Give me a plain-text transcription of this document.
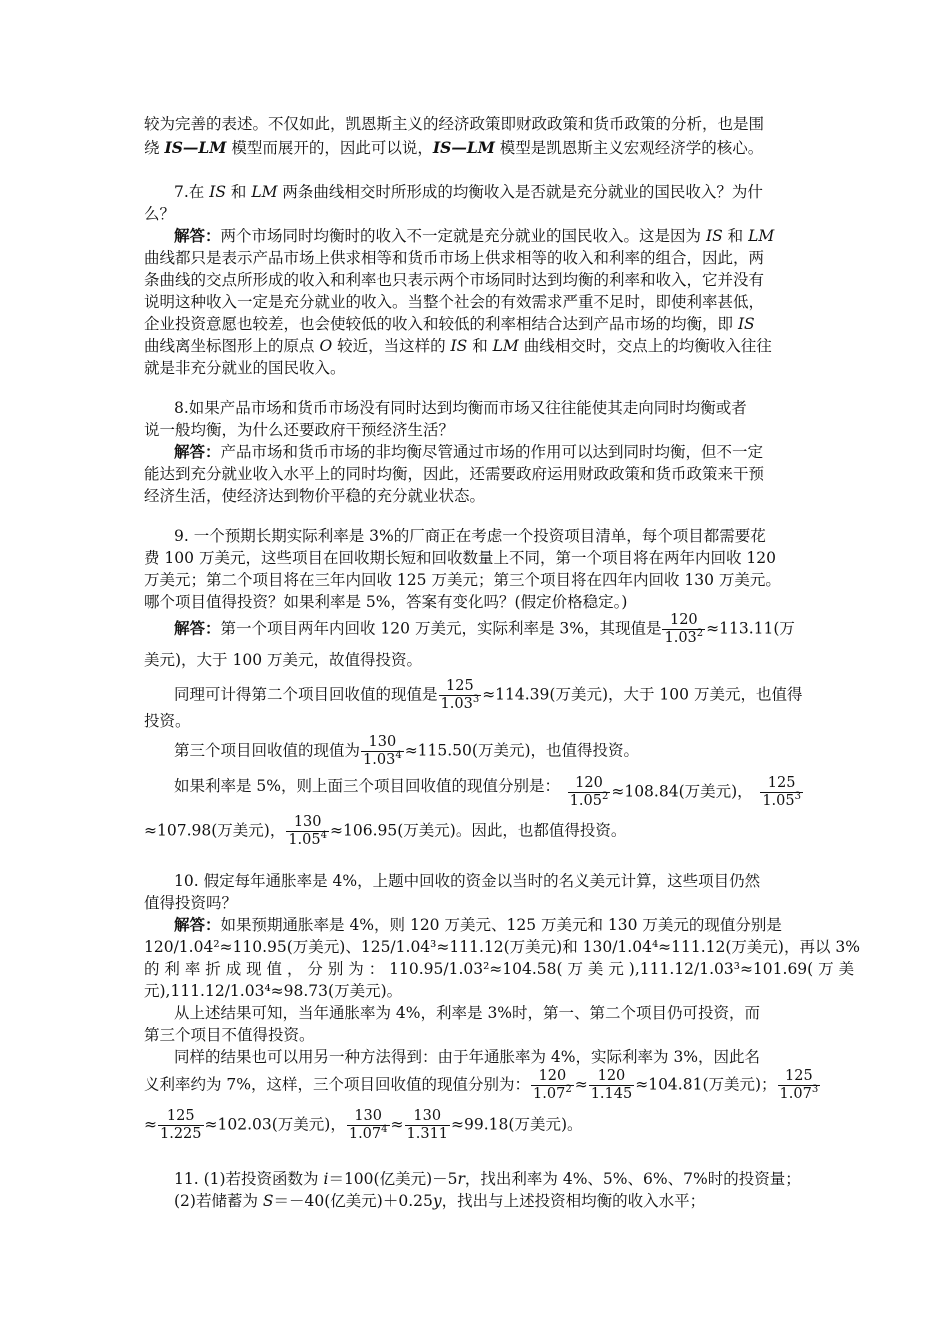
较为完善的表述。不仅如此，凯恩斯主义的经济政策即财政政策和货币政策的分析，也是围
绕 IS—LM 模型而展开的，因此可以说，IS—LM 模型是凯恩斯主义宏观经济学的核心。
7.在 IS 和 LM 两条曲线相交时所形成的均衡收入是否就是充分就业的国民收入？为什
么？
解答：两个市场同时均衡时的收入不一定就是充分就业的国民收入。这是因为 IS 和 LM
曲线都只是表示产品市场上供求相等和货币市场上供求相等的收入和利率的组合，因此，两
条曲线的交点所形成的收入和利率也只表示两个市场同时达到均衡的利率和收入，它并没有
说明这种收入一定是充分就业的收入。当整个社会的有效需求严重不足时，即使利率甚低，
企业投资意愿也较差，也会使较低的收入和较低的利率相结合达到产品市场的均衡，即 IS
曲线离坐标图形上的原点 O 较近，当这样的 IS 和 LM 曲线相交时，交点上的均衡收入往往
就是非充分就业的国民收入。
8.如果产品市场和货币市场没有同时达到均衡而市场又往往能使其走向同时均衡或者
说一般均衡，为什么还要政府干预经济生活？
解答：产品市场和货币市场的非均衡尽管通过市场的作用可以达到同时均衡，但不一定
能达到充分就业收入水平上的同时均衡，因此，还需要政府运用财政政策和货币政策来干预
经济生活，使经济达到物价平稳的充分就业状态。
9. 一个预期长期实际利率是 3%的厂商正在考虑一个投资项目清单，每个项目都需要花
费 100 万美元，这些项目在回收期长短和回收数量上不同，第一个项目将在两年内回收 120
万美元；第二个项目将在三年内回收 125 万美元；第三个项目将在四年内回收 130 万美元。
哪个项目值得投资？如果利率是 5%，答案有变化吗？(假定价格稳定。)
解答：第一个项目两年内回收 120 万美元，实际利率是 3%，其现值是 $\frac{120}{1.03^2} \approx 113.11$(万
美元)，大于 100 万美元，故值得投资。
同理可计得第二个项目回收值的现值是 $\frac{125}{1.03^3} \approx 114.39$(万美元)，大于 100 万美元，也值得
投资。
第三个项目回收值的现值为 $\frac{130}{1.03^4} \approx 115.50$(万美元)，也值得投资。
如果利率是 5%，则上面三个项目回收值的现值分别是： $\frac{120}{1.05^2} \approx 108.84$(万美元)， $\frac{125}{1.05^3}$
≈107.98(万美元)， $\frac{130}{1.05^4} \approx 106.95$(万美元)。因此，也都值得投资。
10. 假定每年通胀率是 4%，上题中回收的资金以当时的名义美元计算，这些项目仍然
值得投资吗？
解答：如果预期通胀率是 4%，则 120 万美元、125 万美元和 130 万美元的现值分别是
120/1.04²≈110.95(万美元)、125/1.04³≈111.12(万美元)和 130/1.04⁴≈111.12(万美元)，再以 3%
的 利 率 折 成 现 值 ， 分 别 为 ： 110.95/1.03²≈104.58( 万 美 元 ),111.12/1.03³≈101.69( 万 美
元),111.12/1.03⁴≈98.73(万美元)。
从上述结果可知，当年通胀率为 4%，利率是 3%时，第一、第二个项目仍可投资，而
第三个项目不值得投资。
同样的结果也可以用另一种方法得到：由于年通胀率为 4%，实际利率为 3%，因此名
义利率约为 7%，这样，三个项目回收值的现值分别为： $\frac{120}{1.07^2} \approx \frac{120}{1.145} \approx 104.81$(万美元)； $\frac{125}{1.07^3}$
≈ $\frac{125}{1.225} \approx 102.03$(万美元)， $\frac{130}{1.07^4} \approx \frac{130}{1.311} \approx 99.18$(万美元)。
11. (1)若投资函数为 i＝100(亿美元)－5r，找出利率为 4%、5%、6%、7%时的投资量；
(2)若储蓄为 S＝－40(亿美元)＋0.25y，找出与上述投资相均衡的收入水平；
